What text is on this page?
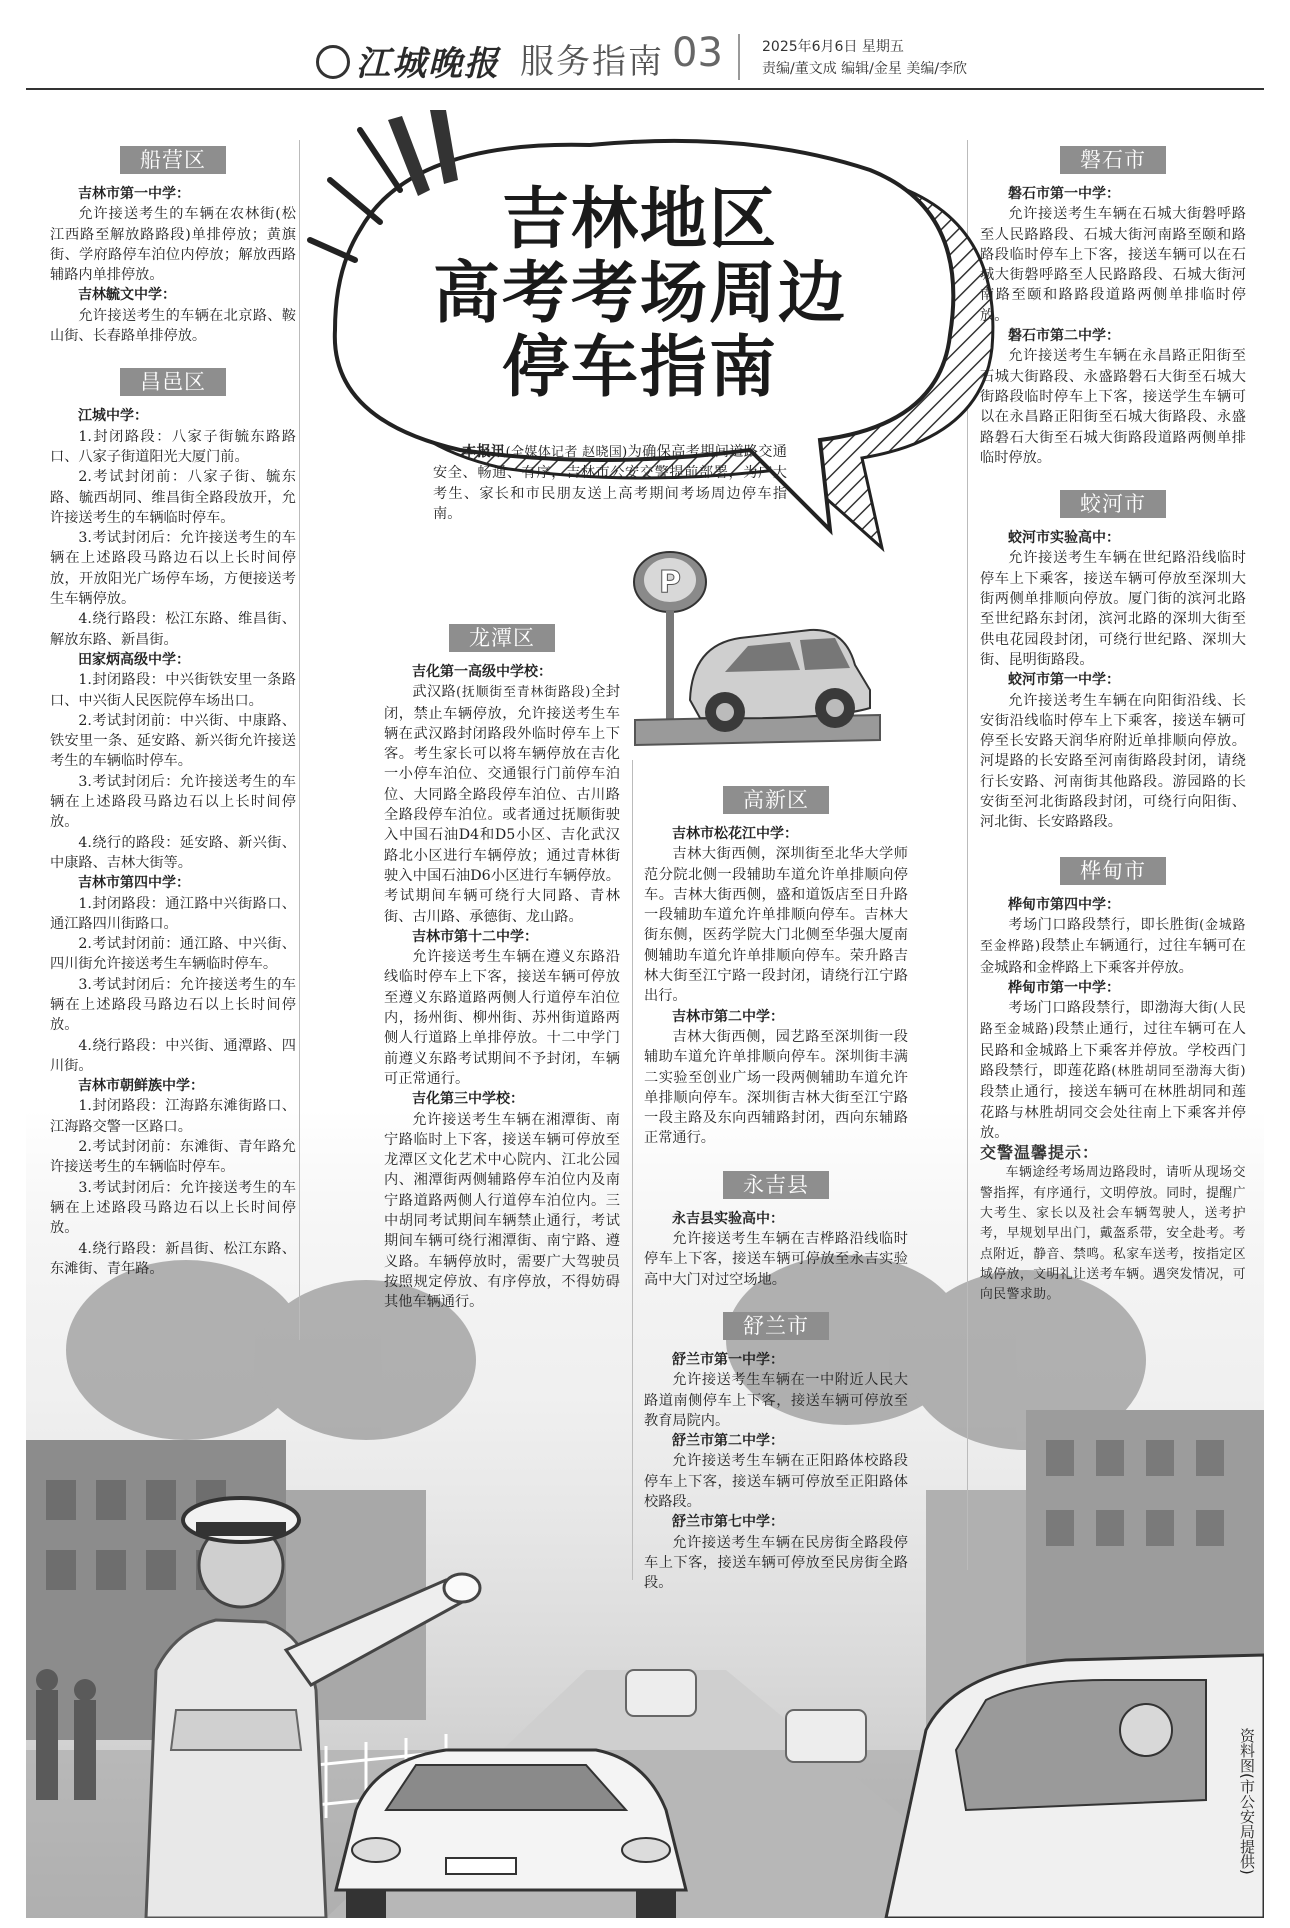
江城晚报 服务指南 03	2025年6月6日 星期五
责编/董文成 编辑/金星 美编/李欣
吉林地区
高考考场周边
停车指南
　　本报讯(全媒体记者 赵晓国)为确保高考期间道路交通安全、畅通、有序，吉林市公安交警提前部署，为广大考生、家长和市民朋友送上高考期间考场周边停车指南。
P
船营区

吉林市第一中学：

允许接送考生的车辆在农林街(松江西路至解放路路段)单排停放；黄旗街、学府路停车泊位内停放；解放西路辅路内单排停放。

吉林毓文中学：

允许接送考生的车辆在北京路、鞍山街、长春路单排停放。

昌邑区

江城中学：

1.封闭路段：八家子街毓东路路口、八家子街道阳光大厦门前。

2.考试封闭前：八家子街、毓东路、毓西胡同、维昌街全路段放开，允许接送考生的车辆临时停车。

3.考试封闭后：允许接送考生的车辆在上述路段马路边石以上长时间停放，开放阳光广场停车场，方便接送考生车辆停放。

4.绕行路段：松江东路、维昌街、解放东路、新昌街。

田家炳高级中学：

1.封闭路段：中兴街铁安里一条路口、中兴街人民医院停车场出口。

2.考试封闭前：中兴街、中康路、铁安里一条、延安路、新兴街允许接送考生的车辆临时停车。

3.考试封闭后：允许接送考生的车辆在上述路段马路边石以上长时间停放。

4.绕行的路段：延安路、新兴街、中康路、吉林大街等。

吉林市第四中学：

1.封闭路段：通江路中兴街路口、通江路四川街路口。

2.考试封闭前：通江路、中兴街、四川街允许接送考生车辆临时停车。

3.考试封闭后：允许接送考生的车辆在上述路段马路边石以上长时间停放。

4.绕行路段：中兴街、通潭路、四川街。

吉林市朝鲜族中学：

1.封闭路段：江海路东滩街路口、江海路交警一区路口。

2.考试封闭前：东滩街、青年路允许接送考生的车辆临时停车。

3.考试封闭后：允许接送考生的车辆在上述路段马路边石以上长时间停放。

4.绕行路段：新昌街、松江东路、东滩街、青年路。

龙潭区

吉化第一高级中学校：

武汉路(抚顺街至青林街路段)全封闭，禁止车辆停放，允许接送考生车辆在武汉路封闭路段外临时停车上下客。考生家长可以将车辆停放在吉化一小停车泊位、交通银行门前停车泊位、大同路全路段停车泊位、古川路全路段停车泊位。或者通过抚顺街驶入中国石油D4和D5小区、吉化武汉路北小区进行车辆停放；通过青林街驶入中国石油D6小区进行车辆停放。考试期间车辆可绕行大同路、青林街、古川路、承德街、龙山路。

吉林市第十二中学：

允许接送考生车辆在遵义东路沿线临时停车上下客，接送车辆可停放至遵义东路道路两侧人行道停车泊位内，扬州街、柳州街、苏州街道路两侧人行道路上单排停放。十二中学门前遵义东路考试期间不予封闭，车辆可正常通行。

吉化第三中学校：

允许接送考生车辆在湘潭街、南宁路临时上下客，接送车辆可停放至龙潭区文化艺术中心院内、江北公园内、湘潭街两侧辅路停车泊位内及南宁路道路两侧人行道停车泊位内。三中胡同考试期间车辆禁止通行，考试期间车辆可绕行湘潭街、南宁路、遵义路。车辆停放时，需要广大驾驶员按照规定停放、有序停放，不得妨碍其他车辆通行。

高新区

吉林市松花江中学：

吉林大街西侧，深圳街至北华大学师范分院北侧一段辅助车道允许单排顺向停车。吉林大街西侧，盛和道饭店至日升路一段辅助车道允许单排顺向停车。吉林大街东侧，医药学院大门北侧至华强大厦南侧辅助车道允许单排顺向停车。荣升路吉林大街至江宁路一段封闭，请绕行江宁路出行。

吉林市第二中学：

吉林大街西侧，园艺路至深圳街一段辅助车道允许单排顺向停车。深圳街丰满二实验至创业广场一段两侧辅助车道允许单排顺向停车。深圳街吉林大街至江宁路一段主路及东向西辅路封闭，西向东辅路正常通行。

永吉县

永吉县实验高中：

允许接送考生车辆在吉桦路沿线临时停车上下客，接送车辆可停放至永吉实验高中大门对过空场地。

舒兰市

舒兰市第一中学：

允许接送考生车辆在一中附近人民大路道南侧停车上下客，接送车辆可停放至教育局院内。

舒兰市第二中学：

允许接送考生车辆在正阳路体校路段停车上下客，接送车辆可停放至正阳路体校路段。

舒兰市第七中学：

允许接送考生车辆在民房街全路段停车上下客，接送车辆可停放至民房街全路段。

磐石市

磐石市第一中学：

允许接送考生车辆在石城大街磐呼路至人民路路段、石城大街河南路至颐和路路段临时停车上下客，接送车辆可以在石城大街磐呼路至人民路路段、石城大街河南路至颐和路路段道路两侧单排临时停放。

磐石市第二中学：

允许接送考生车辆在永昌路正阳街至石城大街路段、永盛路磐石大街至石城大街路段临时停车上下客，接送学生车辆可以在永昌路正阳街至石城大街路段、永盛路磐石大街至石城大街路段道路两侧单排临时停放。

蛟河市

蛟河市实验高中：

允许接送考生车辆在世纪路沿线临时停车上下乘客，接送车辆可停放至深圳大街两侧单排顺向停放。厦门街的滨河北路至世纪路东封闭，滨河北路的深圳大街至供电花园段封闭，可绕行世纪路、深圳大街、昆明街路段。

蛟河市第一中学：

允许接送考生车辆在向阳街沿线、长安街沿线临时停车上下乘客，接送车辆可停至长安路天润华府附近单排顺向停放。河堤路的长安路至河南街路段封闭，请绕行长安路、河南街其他路段。游园路的长安街至河北街路段封闭，可绕行向阳街、河北街、长安路路段。

桦甸市

桦甸市第四中学：

考场门口路段禁行，即长胜街(金城路至金桦路)段禁止车辆通行，过往车辆可在金城路和金桦路上下乘客并停放。

桦甸市第一中学：

考场门口路段禁行，即渤海大街(人民路至金城路)段禁止通行，过往车辆可在人民路和金城路上下乘客并停放。学校西门路段禁行，即莲花路(林胜胡同至渤海大街)段禁止通行，接送车辆可在林胜胡同和莲花路与林胜胡同交会处往南上下乘客并停放。

交警温馨提示：

车辆途经考场周边路段时，请听从现场交警指挥，有序通行，文明停放。同时，提醒广大考生、家长以及社会车辆驾驶人，送考护考，早规划早出门，戴盔系带，安全赴考。考点附近，静音、禁鸣。私家车送考，按指定区域停放，文明礼让送考车辆。遇突发情况，可向民警求助。

资料图(市公安局提供)
